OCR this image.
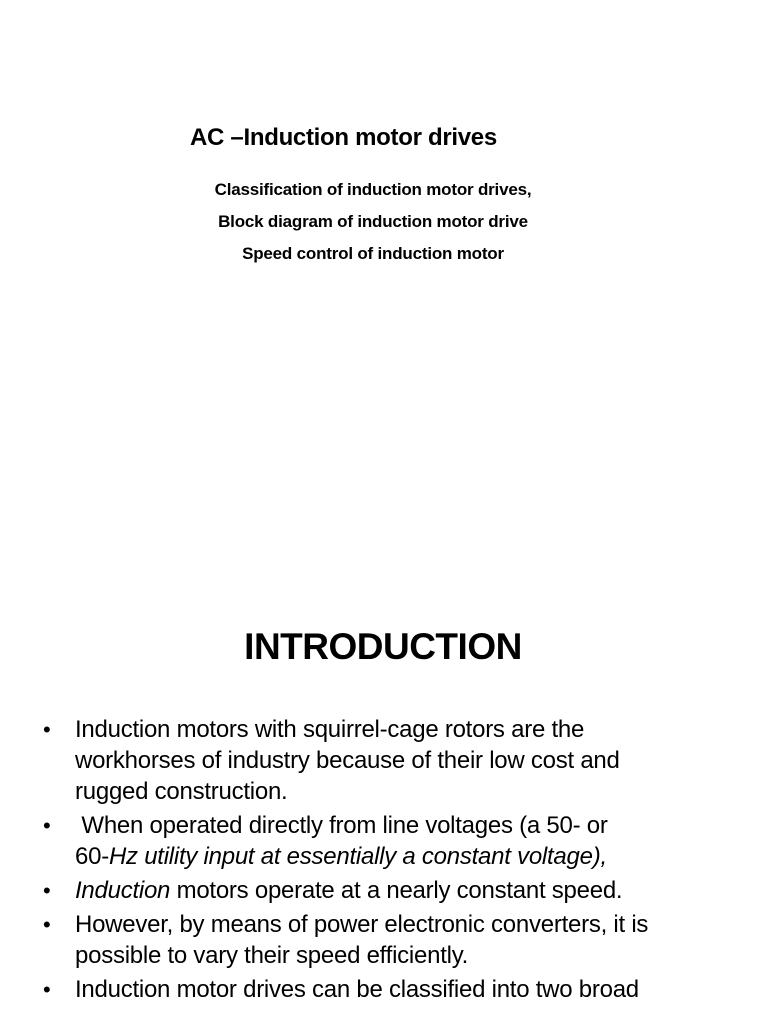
AC –Induction motor drives
Classification of induction motor drives,
Block diagram of induction motor drive
Speed control of induction motor
INTRODUCTION
• Induction motors with squirrel-cage rotors are the
workhorses of industry because of their low cost and
rugged construction.
• When operated directly from line voltages (a 50- or
60-Hz utility input at essentially a constant voltage),
• Induction motors operate at a nearly constant speed.
• However, by means of power electronic converters, it is
possible to vary their speed efficiently.
• Induction motor drives can be classified into two broad
